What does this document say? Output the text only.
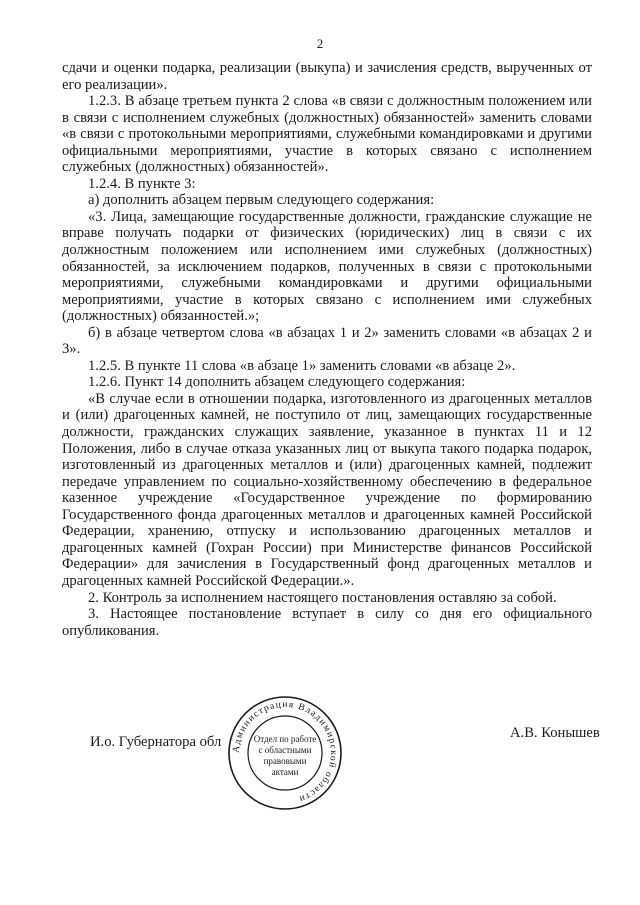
2

сдачи и оценки подарка, реализации (выкупа) и зачисления средств, вырученных от его реализации».

1.2.3. В абзаце третьем пункта 2 слова «в связи с должностным положением или в связи с исполнением служебных (должностных) обязанностей» заменить словами «в связи с протокольными мероприятиями, служебными командировками и другими официальными мероприятиями, участие в которых связано с исполнением служебных (должностных) обязанностей».

1.2.4. В пункте 3:

а) дополнить абзацем первым следующего содержания:

«3. Лица, замещающие государственные должности, гражданские служащие не вправе получать подарки от физических (юридических) лиц в связи с их должностным положением или исполнением ими служебных (должностных) обязанностей, за исключением подарков, полученных в связи с протокольными мероприятиями, служебными командировками и другими официальными мероприятиями, участие в которых связано с исполнением ими служебных (должностных) обязанностей.»;

б) в абзаце четвертом слова «в абзацах 1 и 2» заменить словами «в абзацах 2 и 3».

1.2.5. В пункте 11 слова «в абзаце 1» заменить словами «в абзаце 2».

1.2.6. Пункт 14 дополнить абзацем следующего содержания:

«В случае если в отношении подарка, изготовленного из драгоценных металлов и (или) драгоценных камней, не поступило от лиц, замещающих государственные должности, гражданских служащих заявление, указанное в пунктах 11 и 12 Положения, либо в случае отказа указанных лиц от выкупа такого подарка подарок, изготовленный из драгоценных металлов и (или) драгоценных камней, подлежит передаче управлением по социально-хозяйственному обеспечению в федеральное казенное учреждение «Государственное учреждение по формированию Государственного фонда драгоценных металлов и драгоценных камней Российской Федерации, хранению, отпуску и использованию драгоценных металлов и драгоценных камней (Гохран России) при Министерстве финансов Российской Федерации» для зачисления в Государственный фонд драгоценных металлов и драгоценных камней Российской Федерации.».

2. Контроль за исполнением настоящего постановления оставляю за собой.

3. Настоящее постановление вступает в силу со дня его официального опубликования.

И.о. Губернатора обл
А.В. Конышев
Администрация Владимирской области
Отдел по работе
с областными
правовыми
актами
